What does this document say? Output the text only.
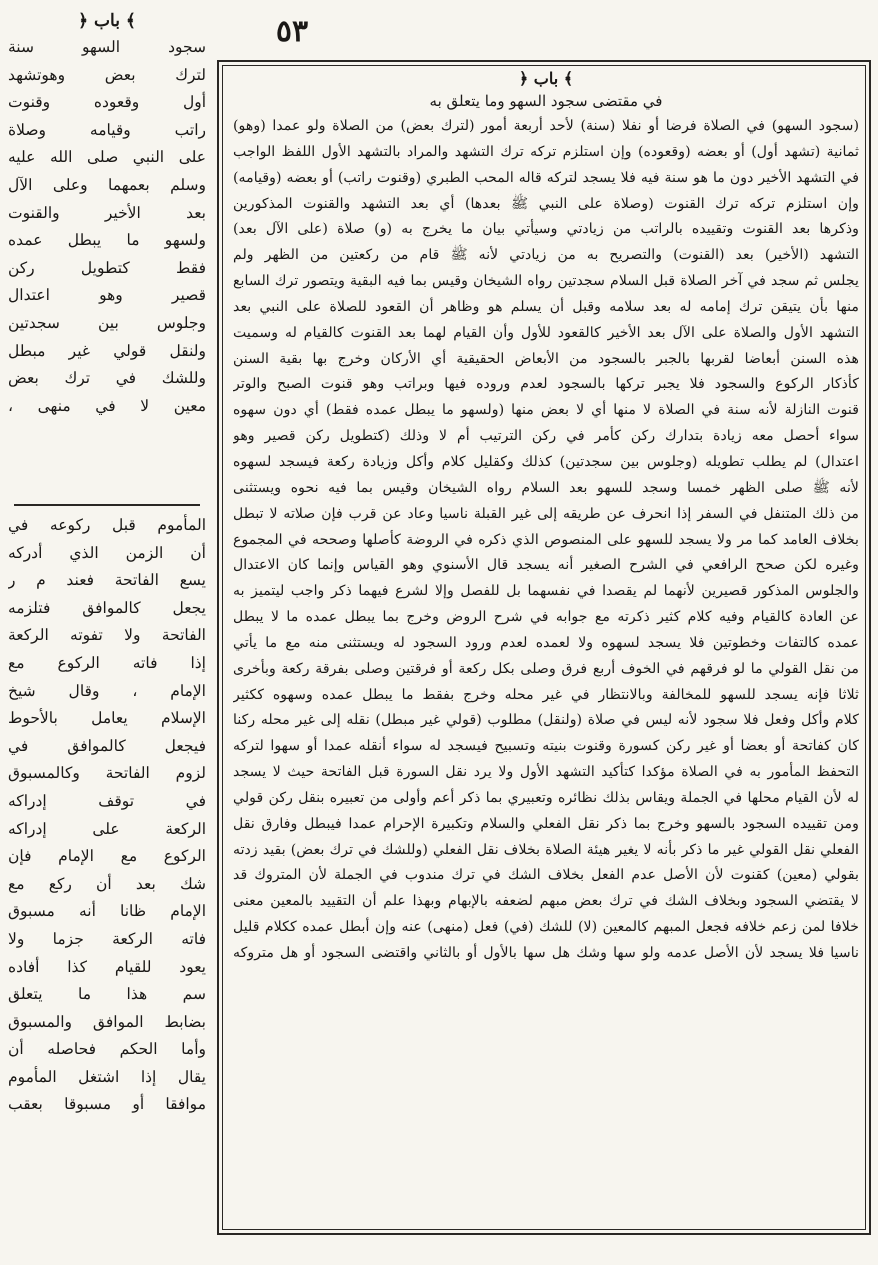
٥٣
﴿ باب ﴾

سجود السهو سنة

لترك بعض وهوتشهد

أول وقعوده وقنوت

راتب وقيامه وصلاة

على النبي صلى الله عليه

وسلم بعمهما وعلى الآل

بعد الأخير والقنوت

ولسهو ما يبطل عمده

فقط كتطويل ركن

قصير وهو اعتدال

وجلوس بين سجدتين

ولنقل قولي غير مبطل

وللشك في ترك بعض

معين لا في منهى ،

المأموم قبل ركوعه في

أن الزمن الذي أدركه

يسع الفاتحة فعند م ر

يجعل كالموافق فتلزمه

الفاتحة ولا تفوته الركعة

إذا فاته الركوع مع

الإمام ، وقال شيخ

الإسلام يعامل بالأحوط

فيجعل كالموافق في

لزوم الفاتحة وكالمسبوق

في توقف إدراكه

الركعة على إدراكه

الركوع مع الإمام فإن

شك بعد أن ركع مع

الإمام ظانا أنه مسبوق

فاته الركعة جزما ولا

يعود للقيام كذا أفاده

سم هذا ما يتعلق

بضابط الموافق والمسبوق

وأما الحكم فحاصله أن

يقال إذا اشتغل المأموم

موافقا أو مسبوقا بعقب

﴿ باب ﴾
في مقتضى سجود السهو وما يتعلق به

(سجود السهو) في الصلاة فرضا أو نفلا (سنة) لأحد أربعة أمور (لترك بعض) من الصلاة ولو عمدا (وهو)

ثمانية (تشهد أول) أو بعضه (وقعوده) وإن استلزم تركه ترك التشهد والمراد بالتشهد الأول اللفظ الواجب

في التشهد الأخير دون ما هو سنة فيه فلا يسجد لتركه قاله المحب الطبري (وقنوت راتب) أو بعضه (وقيامه)

وإن استلزم تركه ترك القنوت (وصلاة على النبي ﷺ بعدها) أي بعد التشهد والقنوت المذكورين

وذكرها بعد القنوت وتقييده بالراتب من زيادتي وسيأتي بيان ما يخرج به (و) صلاة (على الآل بعد)

التشهد (الأخير) بعد (القنوت) والتصريح به من زيادتي لأنه ﷺ قام من ركعتين من الظهر ولم

يجلس ثم سجد في آخر الصلاة قبل السلام سجدتين رواه الشيخان وقيس بما فيه البقية ويتصور ترك السابع

منها بأن يتيقن ترك إمامه له بعد سلامه وقبل أن يسلم هو وظاهر أن القعود للصلاة على النبي بعد

التشهد الأول والصلاة على الآل بعد الأخير كالقعود للأول وأن القيام لهما بعد القنوت كالقيام له وسميت

هذه السنن أبعاضا لقربها بالجبر بالسجود من الأبعاض الحقيقية أي الأركان وخرج بها بقية السنن

كأذكار الركوع والسجود فلا يجبر تركها بالسجود لعدم وروده فيها وبراتب وهو قنوت الصبح والوتر

قنوت النازلة لأنه سنة في الصلاة لا منها أي لا بعض منها (ولسهو ما يبطل عمده فقط) أي دون سهوه

سواء أحصل معه زيادة بتدارك ركن كأمر في ركن الترتيب أم لا وذلك (كتطويل ركن قصير وهو

اعتدال) لم يطلب تطويله (وجلوس بين سجدتين) كذلك وكقليل كلام وأكل وزيادة ركعة فيسجد لسهوه

لأنه ﷺ صلى الظهر خمسا وسجد للسهو بعد السلام رواه الشيخان وقيس بما فيه نحوه ويستثنى

من ذلك المتنفل في السفر إذا انحرف عن طريقه إلى غير القبلة ناسيا وعاد عن قرب فإن صلاته لا تبطل

بخلاف العامد كما مر ولا يسجد للسهو على المنصوص الذي ذكره في الروضة كأصلها وصححه في المجموع

وغيره لكن صحح الرافعي في الشرح الصغير أنه يسجد قال الأسنوي وهو القياس وإنما كان الاعتدال

والجلوس المذكور قصيرين لأنهما لم يقصدا في نفسهما بل للفصل وإلا لشرع فيهما ذكر واجب ليتميز به

عن العادة كالقيام وفيه كلام كثير ذكرته مع جوابه في شرح الروض وخرج بما يبطل عمده ما لا يبطل

عمده كالتفات وخطوتين فلا يسجد لسهوه ولا لعمده لعدم ورود السجود له ويستثنى منه مع ما يأتي

من نقل القولي ما لو فرقهم في الخوف أربع فرق وصلى بكل ركعة أو فرقتين وصلى بفرقة ركعة وبأخرى

ثلاثا فإنه يسجد للسهو للمخالفة وبالانتظار في غير محله وخرج بفقط ما يبطل عمده وسهوه ككثير

كلام وأكل وفعل فلا سجود لأنه ليس في صلاة (ولنقل) مطلوب (قولي غير مبطل) نقله إلى غير محله ركنا

كان كفاتحة أو بعضا أو غير ركن كسورة وقنوت بنيته وتسبيح فيسجد له سواء أنقله عمدا أو سهوا لتركه

التحفظ المأمور به في الصلاة مؤكدا كتأكيد التشهد الأول ولا يرد نقل السورة قبل الفاتحة حيث لا يسجد

له لأن القيام محلها في الجملة ويقاس بذلك نظائره وتعبيري بما ذكر أعم وأولى من تعبيره بنقل ركن قولي

ومن تقييده السجود بالسهو وخرج بما ذكر نقل الفعلي والسلام وتكبيرة الإحرام عمدا فيبطل وفارق نقل

الفعلي نقل القولي غير ما ذكر بأنه لا يغير هيئة الصلاة بخلاف نقل الفعلي (وللشك في ترك بعض) بقيد زدته

بقولي (معين) كقنوت لأن الأصل عدم الفعل بخلاف الشك في ترك مندوب في الجملة لأن المتروك قد

لا يقتضي السجود وبخلاف الشك في ترك بعض مبهم لضعفه بالإبهام وبهذا علم أن التقييد بالمعين معنى

خلافا لمن زعم خلافه فجعل المبهم كالمعين (لا) للشك (في) فعل (منهى) عنه وإن أبطل عمده ككلام قليل

ناسيا فلا يسجد لأن الأصل عدمه ولو سها وشك هل سها بالأول أو بالثاني واقتضى السجود أو هل متروكه
